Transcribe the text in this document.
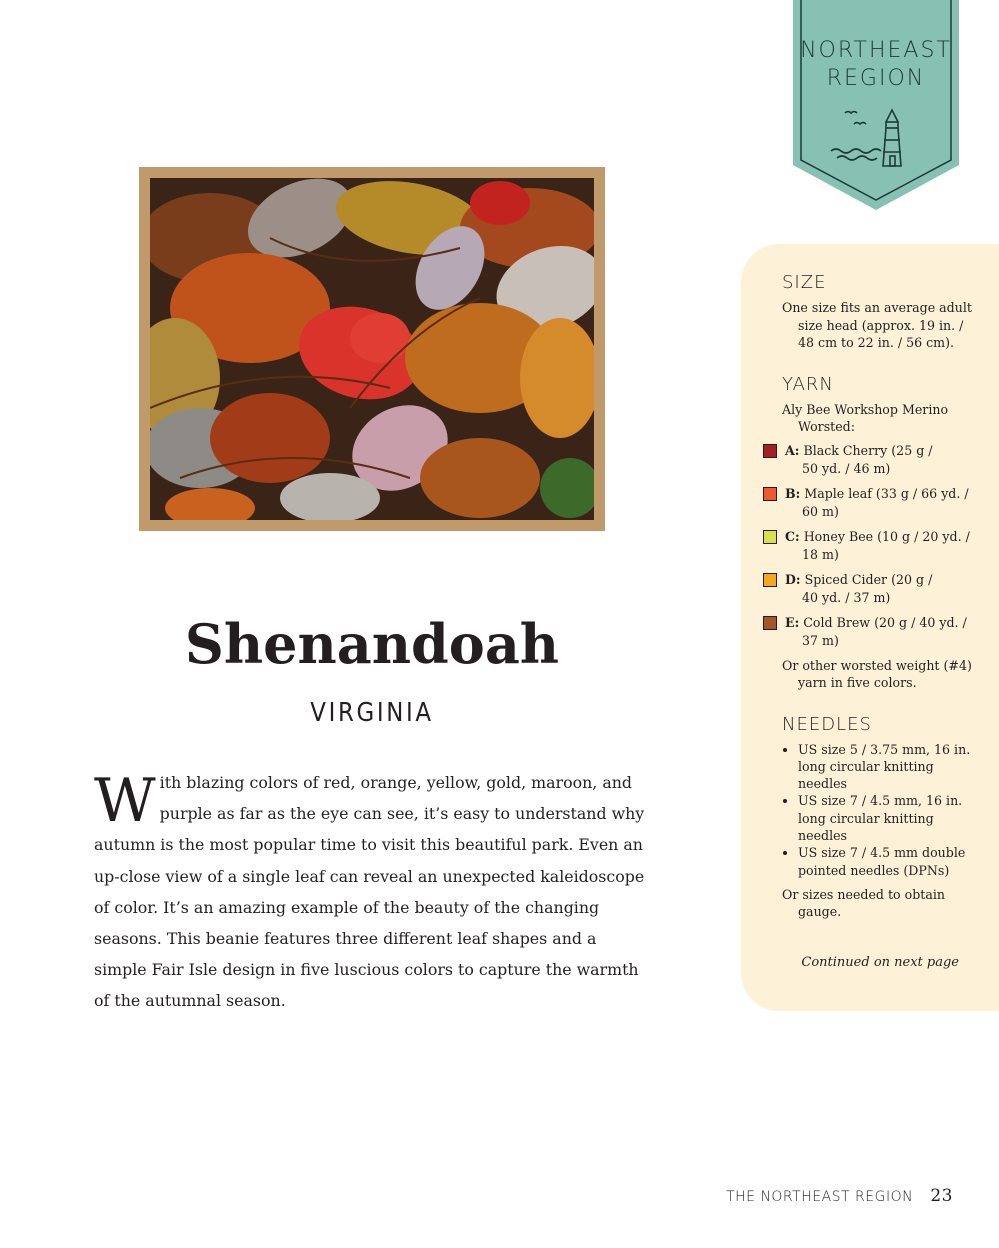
NORTHEAST
REGION
Shenandoah
VIRGINIA
With blazing colors of red, orange, yellow, gold, maroon, and purple as far as the eye can see, it’s easy to understand why autumn is the most popular time to visit this beautiful park. Even an up-close view of a single leaf can reveal an unexpected kaleidoscope of color. It’s an amazing example of the beauty of the changing seasons. This beanie features three different leaf shapes and a simple Fair Isle design in five luscious colors to capture the warmth of the autumnal season.
SIZE
One size fits an average adult size head (approx. 19 in. / 48 cm to 22 in. / 56 cm).
YARN
Aly Bee Workshop Merino Worsted:
A: Black Cherry (25 g /
50 yd. / 46 m)
B: Maple leaf (33 g / 66 yd. /
60 m)
C: Honey Bee (10 g / 20 yd. /
18 m)
D: Spiced Cider (20 g /
40 yd. / 37 m)
E: Cold Brew (20 g / 40 yd. /
37 m)
Or other worsted weight (#4) yarn in five colors.
NEEDLES
• US size 5 / 3.75 mm, 16 in. long circular knitting needles
• US size 7 / 4.5 mm, 16 in. long circular knitting needles
• US size 7 / 4.5 mm double pointed needles (DPNs)
Or sizes needed to obtain gauge.
Continued on next page
THE NORTHEAST REGION 23
